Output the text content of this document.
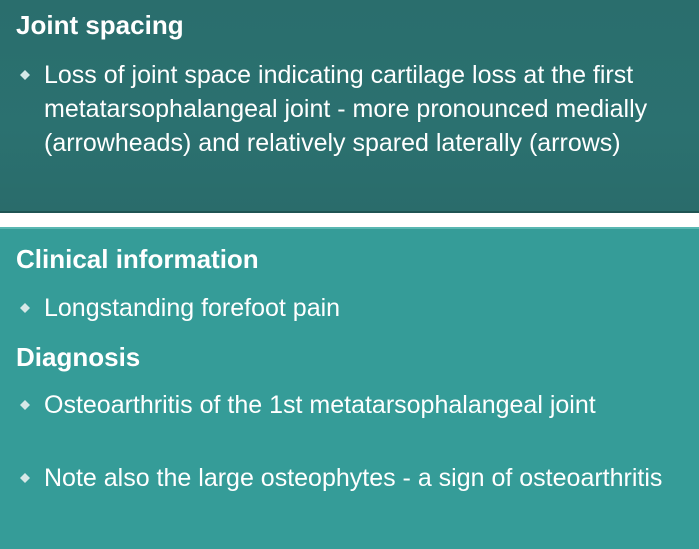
Joint spacing
Loss of joint space indicating cartilage loss at the first metatarsophalangeal joint - more pronounced medially (arrowheads) and relatively spared laterally (arrows)
Clinical information
Longstanding forefoot pain
Diagnosis
Osteoarthritis of the 1st metatarsophalangeal joint
Note also the large osteophytes - a sign of osteoarthritis
